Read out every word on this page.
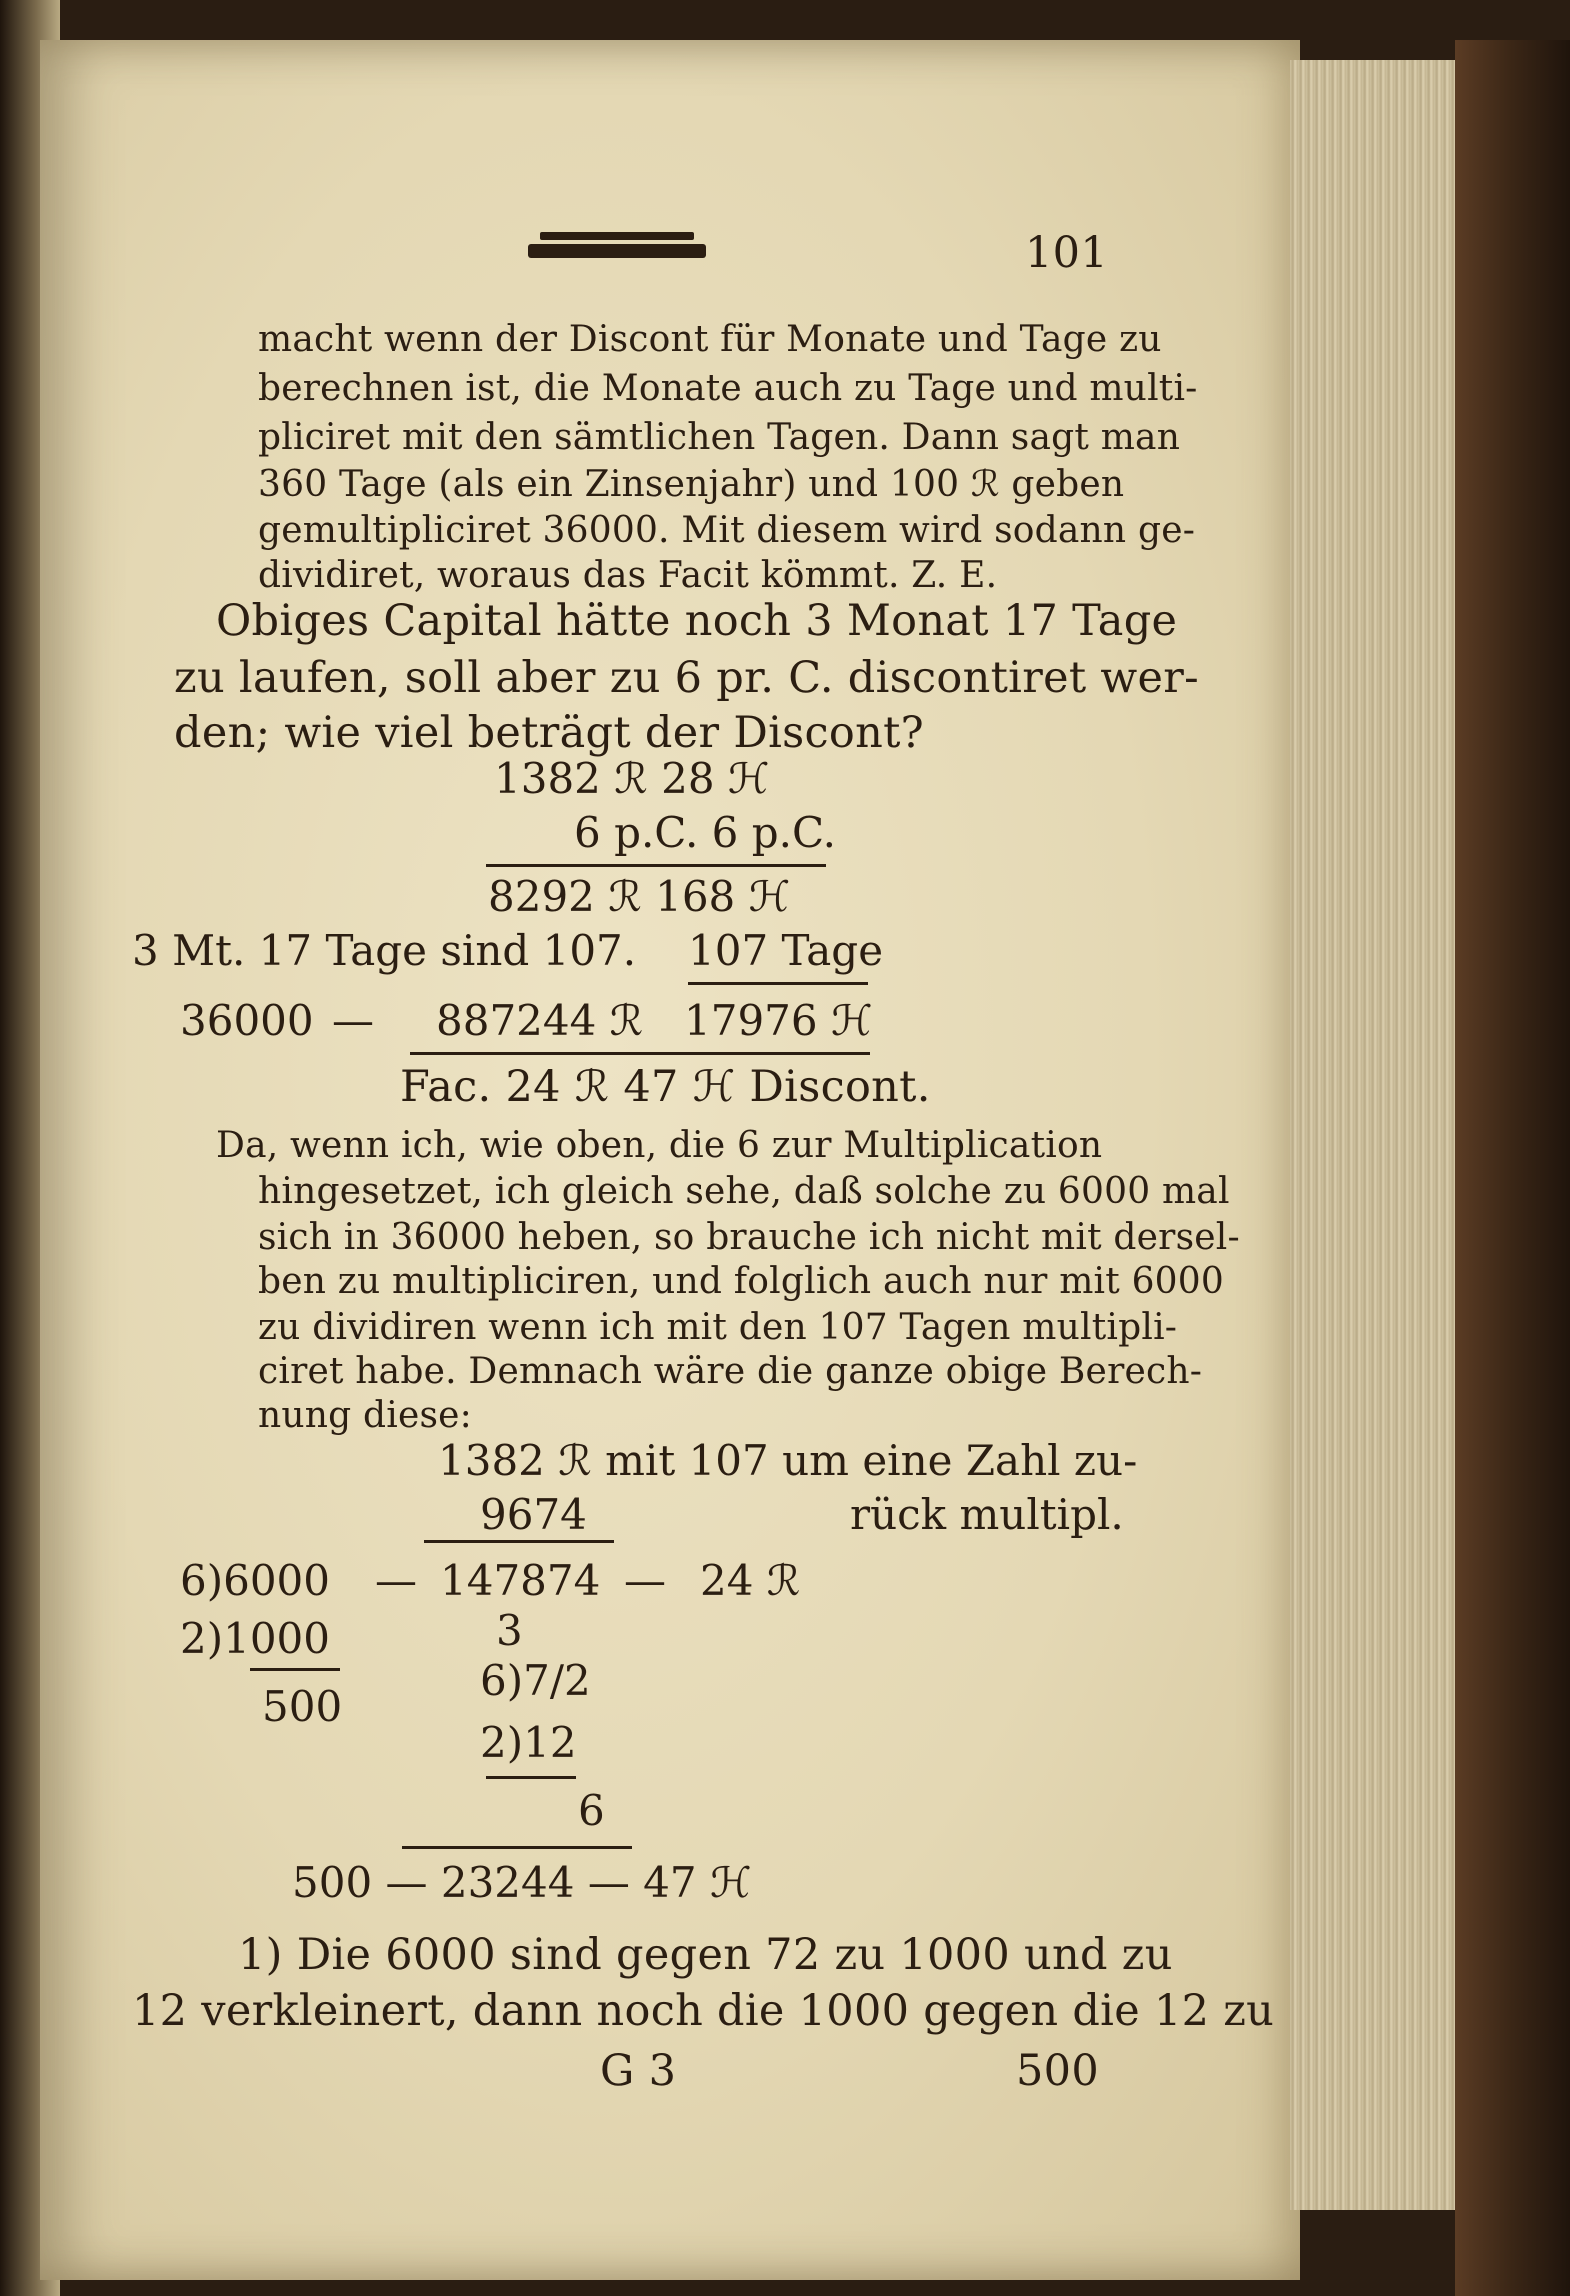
101
macht wenn der Discont für Monate und Tage zu
berechnen ist, die Monate auch zu Tage und multi-
pliciret mit den sämtlichen Tagen. Dann sagt man
360 Tage (als ein Zinsenjahr) und 100 ℛ geben
gemultipliciret 36000. Mit diesem wird sodann ge-
dividiret, woraus das Facit kömmt. Z. E.
Obiges Capital hätte noch 3 Monat 17 Tage
zu laufen, soll aber zu 6 pr. C. discontiret wer-
den; wie viel beträgt der Discont?
1382 ℛ 28 ℋ
6 p.C. 6 p.C.
8292 ℛ 168 ℋ
3 Mt. 17 Tage sind 107. 107 Tage
36000 — 887244 ℛ 17976 ℋ
Fac. 24 ℛ 47 ℋ Discont.
Da, wenn ich, wie oben, die 6 zur Multiplication
hingesetzet, ich gleich sehe, daß solche zu 6000 mal
sich in 36000 heben, so brauche ich nicht mit dersel-
ben zu multipliciren, und folglich auch nur mit 6000
zu dividiren wenn ich mit den 107 Tagen multipli-
ciret habe. Demnach wäre die ganze obige Berech-
nung diese:
1382 ℛ mit 107 um eine Zahl zu-
9674	rück multipl.
6)6000 — 147874 — 24 ℛ
2)1000	3
6)7/2
500
2)12
6
500 — 23244 — 47 ℋ
1) Die 6000 sind gegen 72 zu 1000 und zu
12 verkleinert, dann noch die 1000 gegen die 12 zu
G 3	500
